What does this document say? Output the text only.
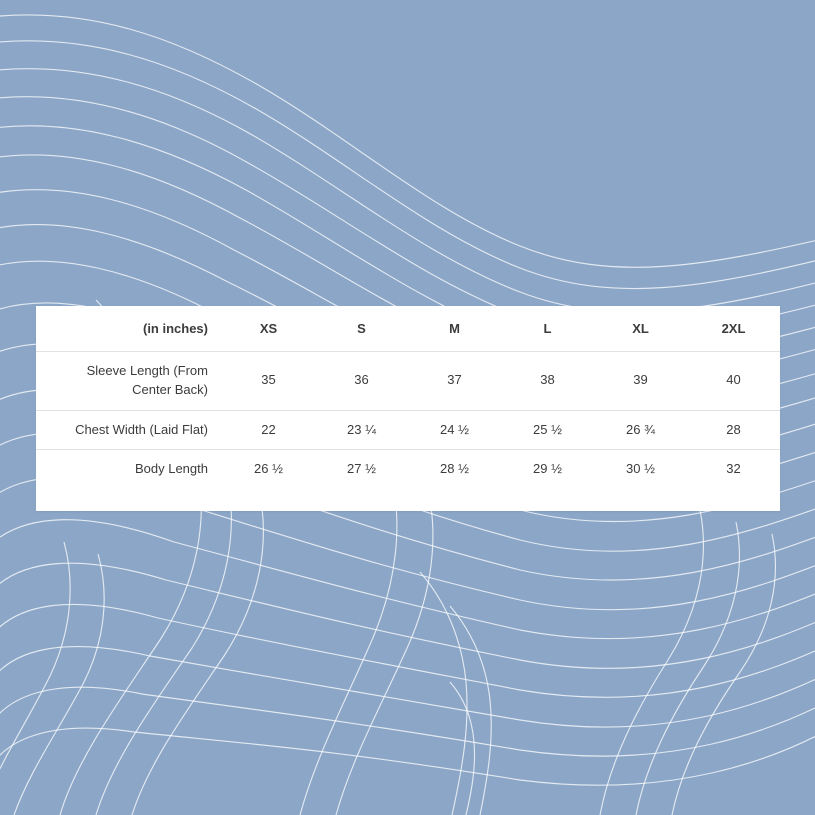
(in inches)	XS	S	M	L	XL	2XL
Sleeve Length (From Center Back)	35	36	37	38	39	40
Chest Width (Laid Flat)	22	23 ¼	24 ½	25 ½	26 ¾	28
Body Length	26 ½	27 ½	28 ½	29 ½	30 ½	32
